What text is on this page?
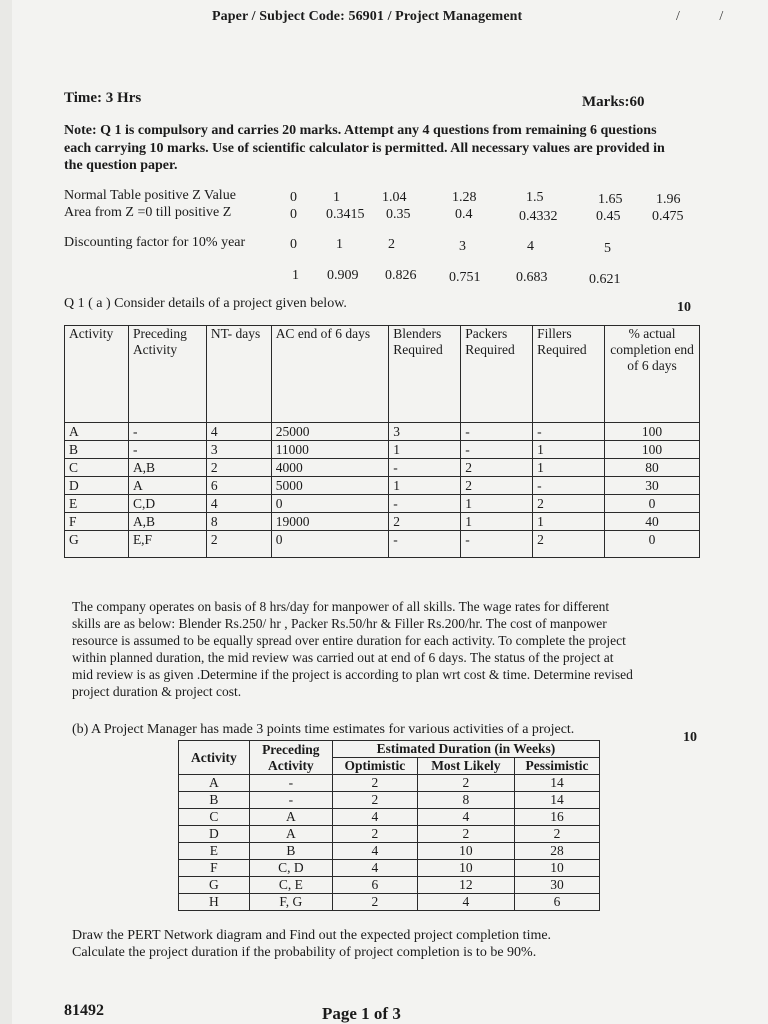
Paper / Subject Code: 56901 / Project Management	/ /
Time: 3 Hrs	Marks:60
Note: Q 1 is compulsory and carries 20 marks. Attempt any 4 questions from remaining 6 questions each carrying 10 marks. Use of scientific calculator is permitted. All necessary values are provided in the question paper.
Normal Table positive Z Value
Area from Z =0 till positive Z
0	1	1.04	1.28	1.5	1.65 1.96
0 0.3415 0.35	0.4	0.4332	0.45 0.475
Discounting factor for 10% year	0	1	2	3	4	5
1 0.909 0.826 0.751	0.683	0.621
Q 1 ( a ) Consider details of a project given below.	10
Activity	Preceding Activity	NT- days	AC end of 6 days	Blenders Required	Packers Required	Fillers Required	% actual completion end of 6 days
A	-	4	25000	3	-	-	100
B	-	3	11000	1	-	1	100
C	A,B	2	4000	-	2	1	80
D	A	6	5000	1	2	-	30
E	C,D	4	0	-	1	2	0
F	A,B	8	19000	2	1	1	40
G	E,F	2	0	-	-	2	0
The company operates on basis of 8 hrs/day for manpower of all skills. The wage rates for different
skills are as below: Blender Rs.250/ hr , Packer Rs.50/hr & Filler Rs.200/hr. The cost of manpower
resource is assumed to be equally spread over entire duration for each activity. To complete the project
within planned duration, the mid review was carried out at end of 6 days. The status of the project at
mid review is as given .Determine if the project is according to plan wrt cost & time. Determine revised
project duration & project cost.
(b) A Project Manager has made 3 points time estimates for various activities of a project.
10
Activity	Preceding Activity	Estimated Duration (in Weeks)		
		Optimistic	Most Likely	Pessimistic
A	-	2	2	14
B	-	2	8	14
C	A	4	4	16
D	A	2	2	2
E	B	4	10	28
F	C, D	4	10	10
G	C, E	6	12	30
H	F, G	2	4	6
Draw the PERT Network diagram and Find out the expected project completion time.
Calculate the project duration if the probability of project completion is to be 90%.
81492	Page 1 of 3
